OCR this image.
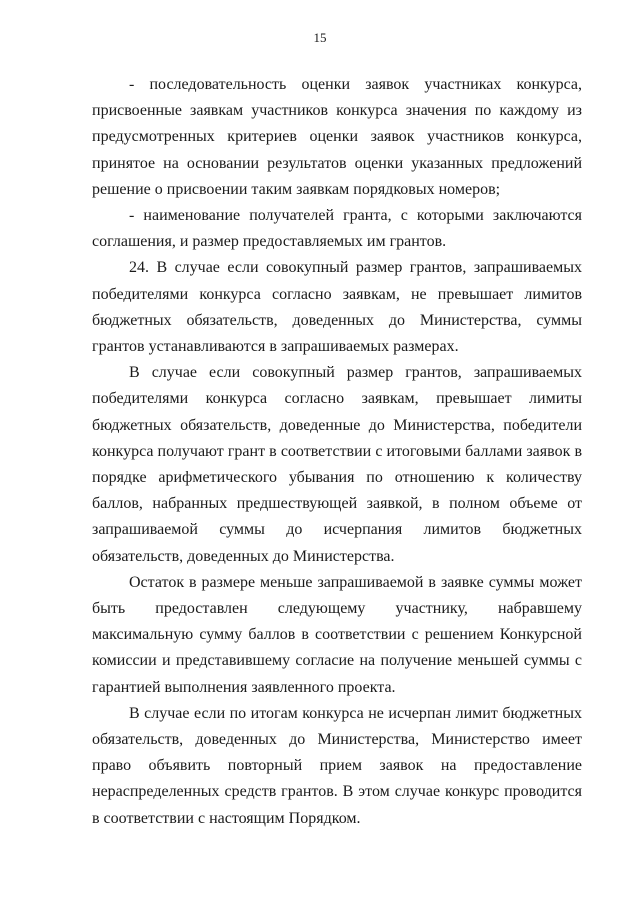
15

- последовательность оценки заявок участниках конкурса,

присвоенные заявкам участников конкурса значения по каждому из предусмотренных критериев оценки заявок участников конкурса, принятое на основании результатов оценки указанных предложений решение о присвоении таким заявкам порядковых номеров;

- наименование получателей гранта, с которыми заключаются соглашения, и размер предоставляемых им грантов.

24. В случае если совокупный размер грантов, запрашиваемых победителями конкурса согласно заявкам, не превышает лимитов бюджетных обязательств, доведенных до Министерства, суммы грантов устанавливаются в запрашиваемых размерах.

В случае если совокупный размер грантов, запрашиваемых победителями конкурса согласно заявкам, превышает лимиты бюджетных обязательств, доведенные до Министерства, победители конкурса получают грант в соответствии с итоговыми баллами заявок в порядке арифметического убывания по отношению к количеству баллов, набранных предшествующей заявкой, в полном объеме от запрашиваемой суммы до исчерпания лимитов бюджетных обязательств, доведенных до Министерства.

Остаток в размере меньше запрашиваемой в заявке суммы может быть предоставлен следующему участнику, набравшему максимальную сумму баллов в соответствии с решением Конкурсной комиссии и представившему согласие на получение меньшей суммы с гарантией выполнения заявленного проекта.

В случае если по итогам конкурса не исчерпан лимит бюджетных обязательств, доведенных до Министерства, Министерство имеет право объявить повторный прием заявок на предоставление нераспределенных средств грантов. В этом случае конкурс проводится в соответствии с настоящим Порядком.
